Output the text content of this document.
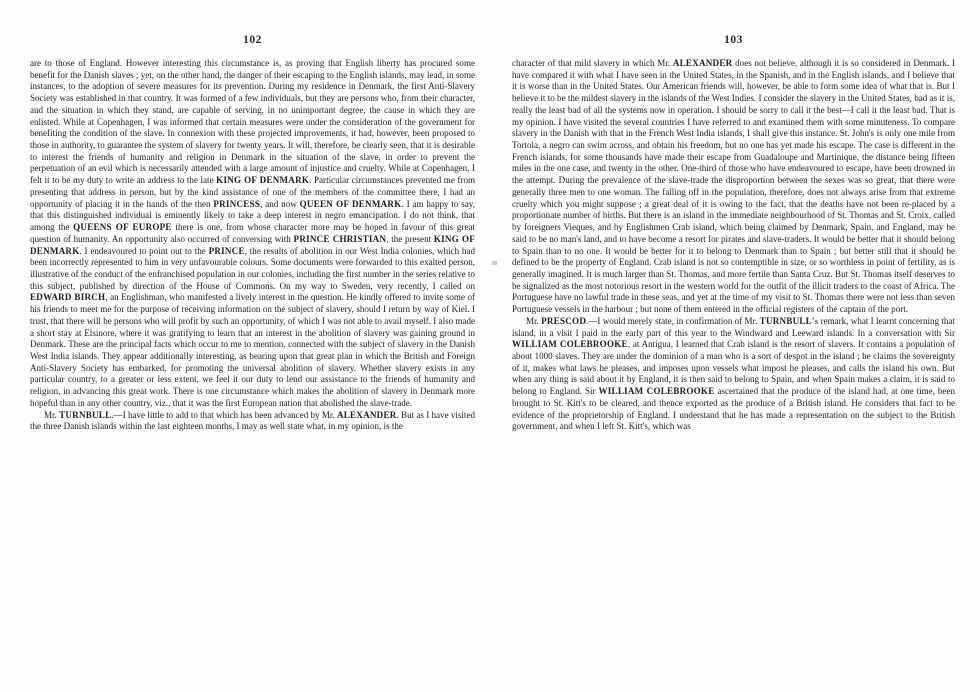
102

are to those of England. However interesting this circumstance is, as proving that English liberty has procured some benefit for the Danish slaves ; yet, on the other hand, the danger of their escaping to the English islands, may lead, in some instances, to the adoption of severe measures for its prevention. During my residence in Denmark, the first Anti-Slavery Society was established in that country. It was formed of a few individuals, but they are persons who, from their character, and the situation in which they stand, are capable of serving, in no unimportant degree, the cause in which they are enlisted. While at Copenhagen, I was informed that certain measures were under the consideration of the government for benefiting the condition of the slave. In connexion with these projected improvements, it had, however, been proposed to those in authority, to guarantee the system of slavery for twenty years. It will, therefore, be clearly seen, that it is desirable to interest the friends of humanity and religion in Denmark in the situation of the slave, in order to prevent the perpetuation of an evil which is necessarily attended with a large amount of injustice and cruelty. While at Copenhagen, I felt it to be my duty to write an address to the late KING OF DENMARK. Particular circumstances prevented me from presenting that address in person, but by the kind assistance of one of the members of the committee there, I had an opportunity of placing it in the hands of the then PRINCESS, and now QUEEN OF DENMARK. I am happy to say, that this distinguished individual is eminently likely to take a deep interest in negro emancipation. I do not think, that among the QUEENS OF EUROPE there is one, from whose character more may be hoped in favour of this great question of humanity. An opportunity also occurred of conversing with PRINCE CHRISTIAN, the present KING OF DENMARK. I endeavoured to point out to the PRINCE, the results of abolition in our West India colonies, which had been incorrectly represented to him in very unfavourable colours. Some documents were forwarded to this exalted person, illustrative of the conduct of the enfranchised population in our colonies, including the first number in the series relative to this subject, published by direction of the House of Commons. On my way to Sweden, very recently, I called on EDWARD BIRCH, an Englishman, who manifested a lively interest in the question. He kindly offered to invite some of his friends to meet me for the purpose of receiving information on the subject of slavery, should I return by way of Kiel. I trust, that there will be persons who will profit by such an opportunity, of which I was not able to avail myself. I also made a short stay at Elsinore, where it was gratifying to learn that an interest in the abolition of slavery was gaining ground in Denmark. These are the principal facts which occur to me to mention, connected with the subject of slavery in the Danish West India islands. They appear additionally interesting, as bearing upon that great plan in which the British and Foreign Anti-Slavery Society has embarked, for promoting the universal abolition of slavery. Whether slavery exists in any particular country, to a greater or less extent, we feel it our duty to lend our assistance to the friends of humanity and religion, in advancing this great work. There is one circumstance which makes the abolition of slavery in Denmark more hopeful than in any other country, viz., that it was the first European nation that abolished the slave-trade.

Mr. TURNBULL.—I have little to add to that which has been advanced by Mr. ALEXANDER. But as I have visited the three Danish islands within the last eighteen months, I may as well state what, in my opinion, is the

103

character of that mild slavery in which Mr. ALEXANDER does not believe, although it is so considered in Denmark. I have compared it with what I have seen in the United States, in the Spanish, and in the English islands, and I believe that it is worse than in the United States. Our American friends will, however, be able to form some idea of what that is. But I believe it to be the mildest slavery in the islands of the West Indies. I consider the slavery in the United States, bad as it is, really the least bad of all the systems now in operation. I should be sorry to call it the best—I call it the least bad. That is my opinion. I have visited the several countries I have referred to and examined them with some minuteness. To compare slavery in the Danish with that in the French West India islands, I shall give this instance. St. John's is only one mile from Tortola, a negro can swim across, and obtain his freedom, but no one has yet made his escape. The case is different in the French islands, for some thousands have made their escape from Guadaloupe and Martinique, the distance being fifteen miles in the one case, and twenty in the other. One-third of those who have endeavoured to escape, have been drowned in the attempt. During the prevalence of the slave-trade the disproportion between the sexes was so great, that there were generally three men to one woman. The falling off in the population, therefore, does not always arise from that extreme cruelty which you might suppose ; a great deal of it is owing to the fact, that the deaths have not been re-placed by a proportionate number of births. But there is an island in the immediate neighbourhood of St. Thomas and St. Croix, called by foreigners Vieques, and by Englishmen Crab island, which being claimed by Denmark, Spain, and England, may be said to be no man's land, and to have become a resort for pirates and slave-traders. It would be better that it should belong to Spain than to no one. It would be better for it to belong to Denmark than to Spain ; but better still that it should be defined to be the property of England. Crab island is not so contemptible in size, or so worthless in point of fertility, as is generally imagined. It is much larger than St. Thomas, and more fertile than Santa Cruz. But St. Thomas itself deserves to be signalized as the most notorious resort in the western world for the outfit of the illicit traders to the coast of Africa. The Portuguese have no lawful trade in these seas, and yet at the time of my visit to St. Thomas there were not less than seven Portuguese vessels in the harbour ; but none of them entered in the official registers of the captain of the port.

Mr. PRESCOD.—I would merely state, in confirmation of Mr. TURNBULL's remark, what I learnt concerning that island, in a visit I paid in the early part of this year to the Windward and Leeward islands. In a conversation with Sir WILLIAM COLEBROOKE, at Antigua, I learned that Crab island is the resort of slavers. It contains a population of about 1000 slaves. They are under the dominion of a man who is a sort of despot in the island ; he claims the sovereignty of it, makes what laws he pleases, and imposes upon vessels what impost he pleases, and calls the island his own. But when any thing is said about it by England, it is then said to belong to Spain, and when Spain makes a claim, it is said to belong to England. Sir WILLIAM COLEBROOKE ascertained that the produce of the island had, at one time, been brought to St. Kitt's to be cleared, and thence exported as the produce of a British island. He considers that fact to be evidence of the proprietorship of England. I understand that he has made a representation on the subject to the British government, and when I left St. Kitt's, which was
